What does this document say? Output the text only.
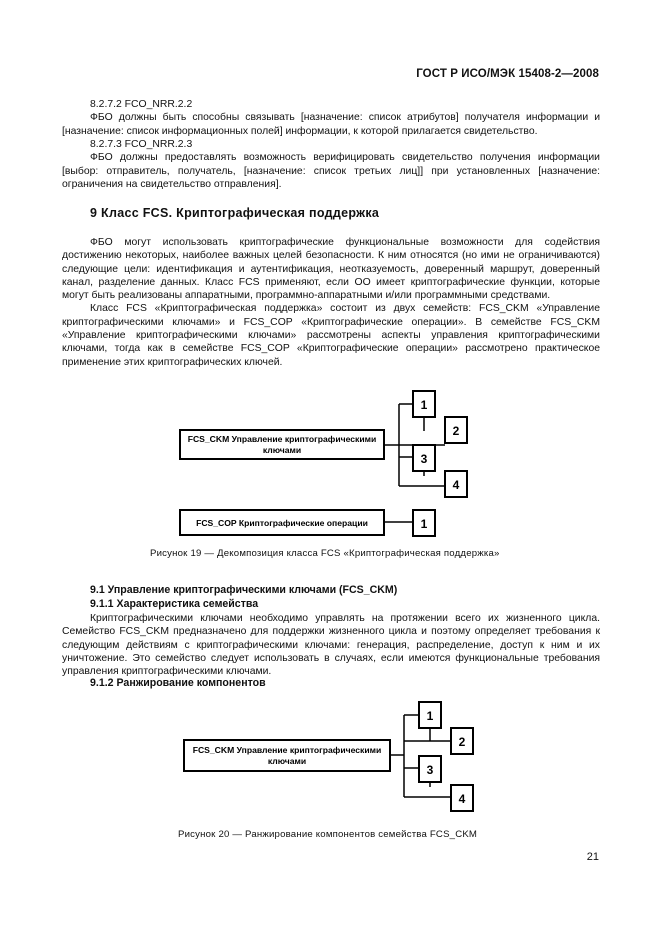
ГОСТ Р ИСО/МЭК 15408-2—2008

8.2.7.2 FCO_NRR.2.2

ФБО должны быть способны связывать [назначение: список атрибутов] получателя информации и [назначение: список информационных полей] информации, к которой прилагается свидетельство.

8.2.7.3 FCO_NRR.2.3

ФБО должны предоставлять возможность верифицировать свидетельство получения информации [выбор: отправитель, получатель, [назначение: список третьих лиц]] при установленных [назначение: ограничения на свидетельство отправления].

9 Класс FCS. Криптографическая поддержка

ФБО могут использовать криптографические функциональные возможности для содействия достижению некоторых, наиболее важных целей безопасности. К ним относятся (но ими не ограничиваются) следующие цели: идентификация и аутентификация, неотказуемость, доверенный маршрут, доверенный канал, разделение данных. Класс FCS применяют, если ОО имеет криптографические функции, которые могут быть реализованы аппаратными, программно-аппаратными и/или программными средствами.

Класс FCS «Криптографическая поддержка» состоит из двух семейств: FCS_CKM «Управление криптографическими ключами» и FCS_COP «Криптографические операции». В семействе FCS_CKM «Управление криптографическими ключами» рассмотрены аспекты управления криптографическими ключами, тогда как в семействе FCS_COP «Криптографические операции» рассмотрено практическое применение этих криптографических ключей.

FCS_CKM Управление криптографическими
ключами
1
2
3
4
FCS_COP Криптографические операции	1
FCS_CKM Управление криптографическими
ключами
1
2
3
4
Рисунок 19 — Декомпозиция класса FCS «Криптографическая поддержка»
9.1 Управление криптографическими ключами (FCS_CKM)
9.1.1 Характеристика семейства

Криптографическими ключами необходимо управлять на протяжении всего их жизненного цикла. Семейство FCS_CKM предназначено для поддержки жизненного цикла и поэтому определяет требования к следующим действиям с криптографическими ключами: генерация, распределение, доступ к ним и их уничтожение. Это семейство следует использовать в случаях, если имеются функциональные требования управления криптографическими ключами.

9.1.2 Ранжирование компонентов
Рисунок 20 — Ранжирование компонентов семейства FCS_CKM
21
